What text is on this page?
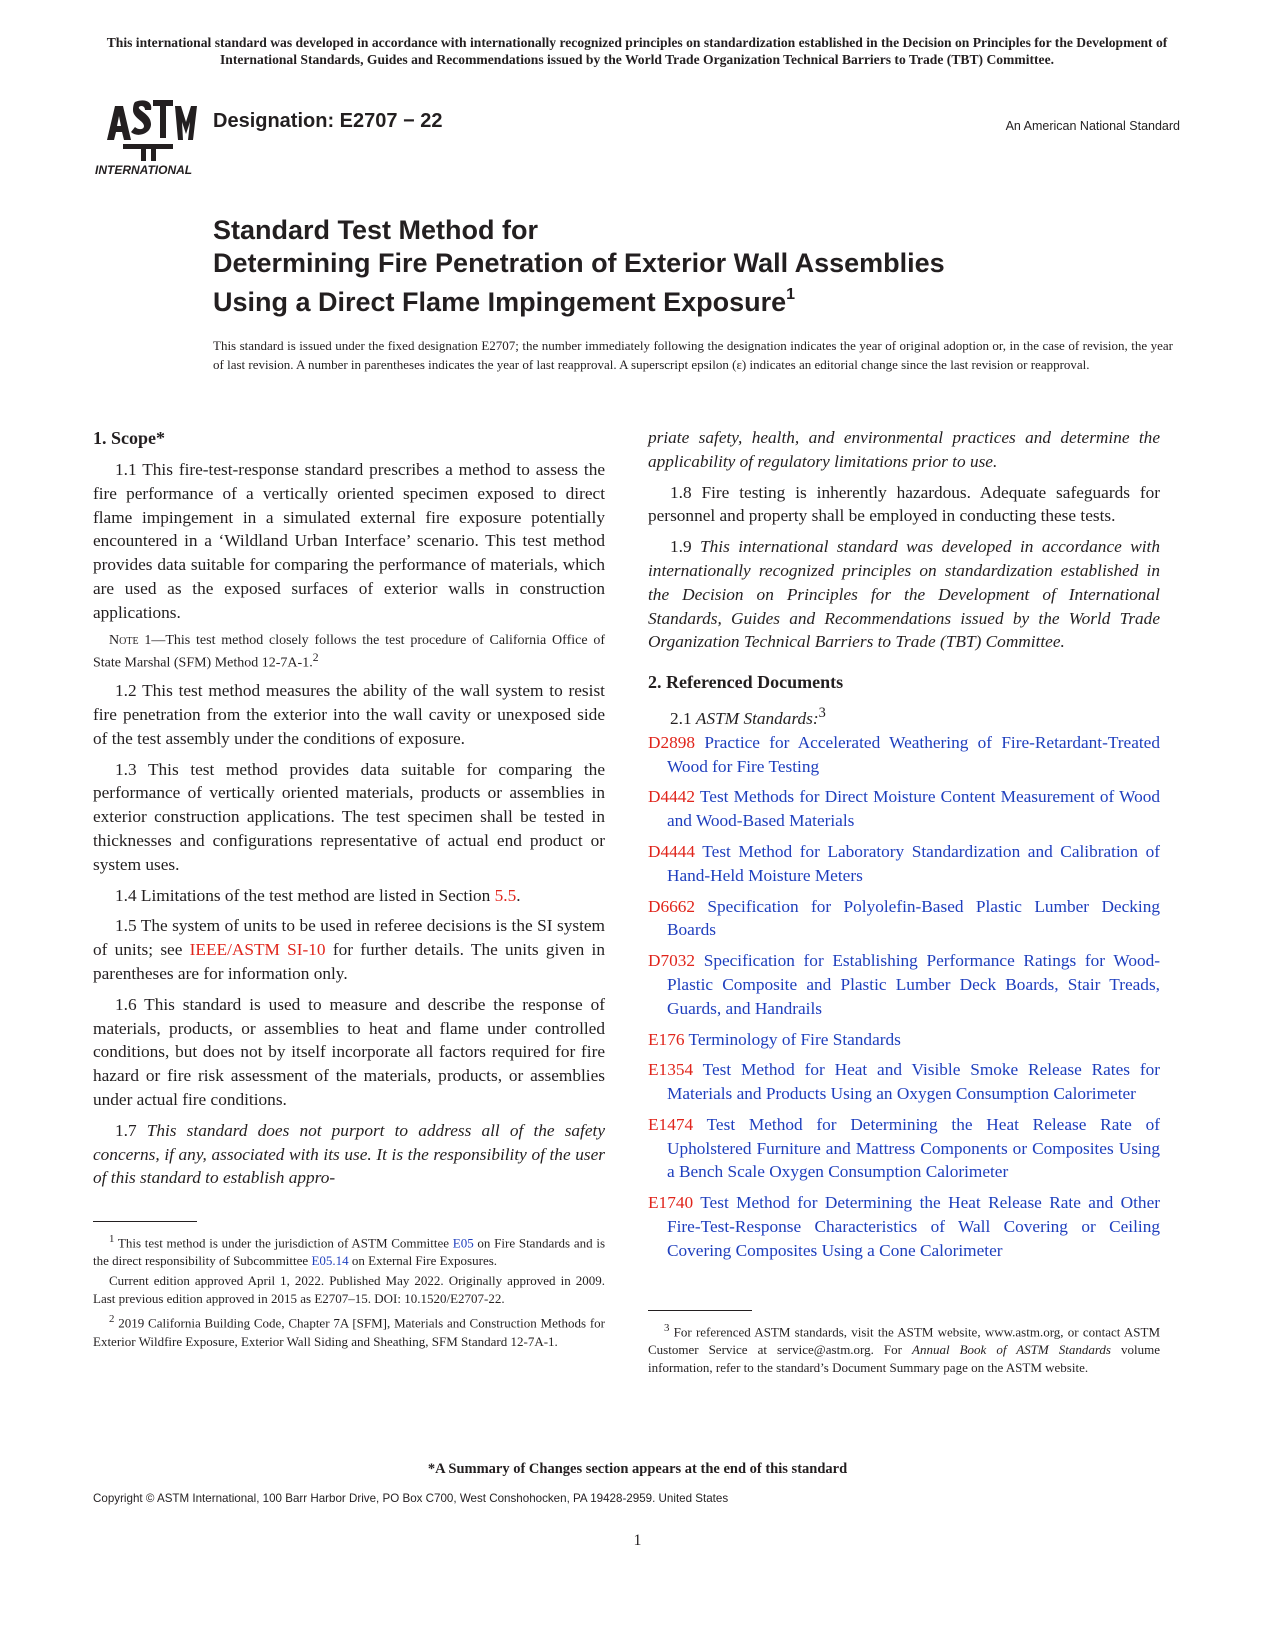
This international standard was developed in accordance with internationally recognized principles on standardization established in the Decision on Principles for the Development of International Standards, Guides and Recommendations issued by the World Trade Organization Technical Barriers to Trade (TBT) Committee.
INTERNATIONAL
Designation: E2707 − 22	An American National Standard
Standard Test Method for
Determining Fire Penetration of Exterior Wall Assemblies
Using a Direct Flame Impingement Exposure$^1$
This standard is issued under the fixed designation E2707; the number immediately following the designation indicates the year of original adoption or, in the case of revision, the year of last revision. A number in parentheses indicates the year of last reapproval. A superscript epsilon (ε) indicates an editorial change since the last revision or reapproval.
1. Scope*

1.1 This fire-test-response standard prescribes a method to assess the fire performance of a vertically oriented specimen exposed to direct flame impingement in a simulated external fire exposure potentially encountered in a ‘Wildland Urban Interface’ scenario. This test method provides data suitable for comparing the performance of materials, which are used as the exposed surfaces of exterior walls in construction applications.

Note 1—This test method closely follows the test procedure of California Office of State Marshal (SFM) Method 12-7A-1.$^2$

1.2 This test method measures the ability of the wall system to resist fire penetration from the exterior into the wall cavity or unexposed side of the test assembly under the conditions of exposure.

1.3 This test method provides data suitable for comparing the performance of vertically oriented materials, products or assemblies in exterior construction applications. The test specimen shall be tested in thicknesses and configurations representative of actual end product or system uses.

1.4 Limitations of the test method are listed in Section 5.5.

1.5 The system of units to be used in referee decisions is the SI system of units; see IEEE/ASTM SI-10 for further details. The units given in parentheses are for information only.

1.6 This standard is used to measure and describe the response of materials, products, or assemblies to heat and flame under controlled conditions, but does not by itself incorporate all factors required for fire hazard or fire risk assessment of the materials, products, or assemblies under actual fire conditions.

1.7 This standard does not purport to address all of the safety concerns, if any, associated with its use. It is the responsibility of the user of this standard to establish appro-

$^1$ This test method is under the jurisdiction of ASTM Committee E05 on Fire Standards and is the direct responsibility of Subcommittee E05.14 on External Fire Exposures.

Current edition approved April 1, 2022. Published May 2022. Originally approved in 2009. Last previous edition approved in 2015 as E2707–15. DOI: 10.1520/E2707-22.

$^2$ 2019 California Building Code, Chapter 7A [SFM], Materials and Construction Methods for Exterior Wildfire Exposure, Exterior Wall Siding and Sheathing, SFM Standard 12-7A-1.

priate safety, health, and environmental practices and determine the applicability of regulatory limitations prior to use.

1.8 Fire testing is inherently hazardous. Adequate safeguards for personnel and property shall be employed in conducting these tests.

1.9 This international standard was developed in accordance with internationally recognized principles on standardization established in the Decision on Principles for the Development of International Standards, Guides and Recommendations issued by the World Trade Organization Technical Barriers to Trade (TBT) Committee.

2. Referenced Documents

2.1 ASTM Standards:$^3$

D2898 Practice for Accelerated Weathering of Fire-Retardant-Treated Wood for Fire Testing

D4442 Test Methods for Direct Moisture Content Measurement of Wood and Wood-Based Materials

D4444 Test Method for Laboratory Standardization and Calibration of Hand-Held Moisture Meters

D6662 Specification for Polyolefin-Based Plastic Lumber Decking Boards

D7032 Specification for Establishing Performance Ratings for Wood-Plastic Composite and Plastic Lumber Deck Boards, Stair Treads, Guards, and Handrails

E176 Terminology of Fire Standards

E1354 Test Method for Heat and Visible Smoke Release Rates for Materials and Products Using an Oxygen Consumption Calorimeter

E1474 Test Method for Determining the Heat Release Rate of Upholstered Furniture and Mattress Components or Composites Using a Bench Scale Oxygen Consumption Calorimeter

E1740 Test Method for Determining the Heat Release Rate and Other Fire-Test-Response Characteristics of Wall Covering or Ceiling Covering Composites Using a Cone Calorimeter

$^3$ For referenced ASTM standards, visit the ASTM website, www.astm.org, or contact ASTM Customer Service at service@astm.org. For Annual Book of ASTM Standards volume information, refer to the standard’s Document Summary page on the ASTM website.

*A Summary of Changes section appears at the end of this standard
Copyright © ASTM International, 100 Barr Harbor Drive, PO Box C700, West Conshohocken, PA 19428-2959. United States
1
